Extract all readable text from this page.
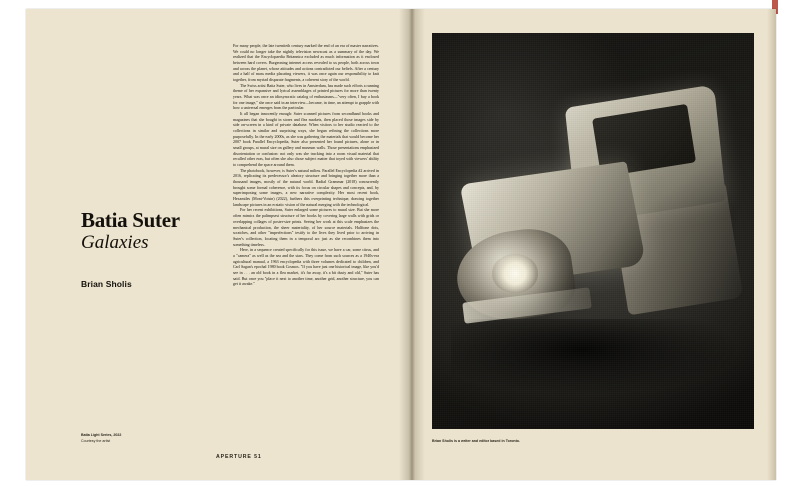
Batia Suter
Galaxies
Brian Sholis

For many people, the late twentieth century marked the end of an era of master narratives. We could no longer take the nightly television newscast as a summary of the day. We realized that the Encyclopaedia Britannica excluded as much information as it enclosed between hard covers. Burgeoning internet access revealed to us people, both across town and across the planet, whose attitudes and actions contradicted our beliefs. After a century and a half of mass media placating viewers, it was once again our responsibility to knit together, from myriad disparate fragments, a coherent story of the world.

The Swiss artist Batia Suter, who lives in Amsterdam, has made such efforts a running theme of her expansive and lyrical assemblages of printed pictures for more than twenty years. What was once an idiosyncratic catalog of enthusiasms—"very often, I buy a book for one image," she once said in an interview—became, in time, an attempt to grapple with how a universal emerges from the particular.

It all began innocently enough: Suter scanned pictures from secondhand books and magazines that she bought in stores and flea markets, then placed those images side by side on-screen in a kind of private database. When visitors to her studio reacted to the collections in similar and surprising ways, she began refining the collections more purposefully. In the early 2000s, as she was gathering the materials that would become her 2007 book Parallel Encyclopedia, Suter also presented her found pictures, alone or in small groups, at mural size on gallery and museum walls. Those presentations emphasized disorientation or confusion: not only was she trucking into a room visual material that recalled other eras, but often she also chose subject matter that toyed with viewers' ability to comprehend the space around them.

The photobook, however, is Suter's natural milieu. Parallel Encyclopedia #2 arrived in 2016, replicating its predecessor's aleatory structure and bringing together more than a thousand images, mostly of the natural world. Radial Grammar (2018) concurrently brought some formal coherence, with its focus on circular shapes and concepts, and, by superimposing some images, a new narrative complexity. Her most recent book, Hexamiles (Mont-Voisin) (2022), furthers this overprinting technique, drawing together landscape pictures in an ecstatic vision of the natural merging with the technological.

For her recent exhibitions, Suter enlarged some pictures to mural size. But she more often mimics the palimpsest structure of her books by covering large walls with grids or overlapping collages of poster-size prints. Seeing her work at this scale emphasizes the mechanical production, the sheer materiality, of her source materials. Halftone dots, scratches, and other "imperfections" testify to the lives they lived prior to arriving in Suter's collection, locating them in a temporal arc just as she recombines them into something timeless.

Here, in a sequence created specifically for this issue, we have a car, some citrus, and a "camera" as well as the sea and the stars. They come from such sources as a 1940s-era agricultural manual, a 1963 encyclopedia with three volumes dedicated to children, and Carl Sagan's epochal 1980 book Cosmos. "If you have just one historical image, like you'd see in . . . an old book in a flea market, it's far away, it's a bit dusty and old," Suter has said. But once you "place it next to another time, another grid, another structure, you can get it awake."

Batia Light Series, 2022
Courtesy the artist
APERTURE 51
Brian Sholis is a writer and editor based in Toronto.
